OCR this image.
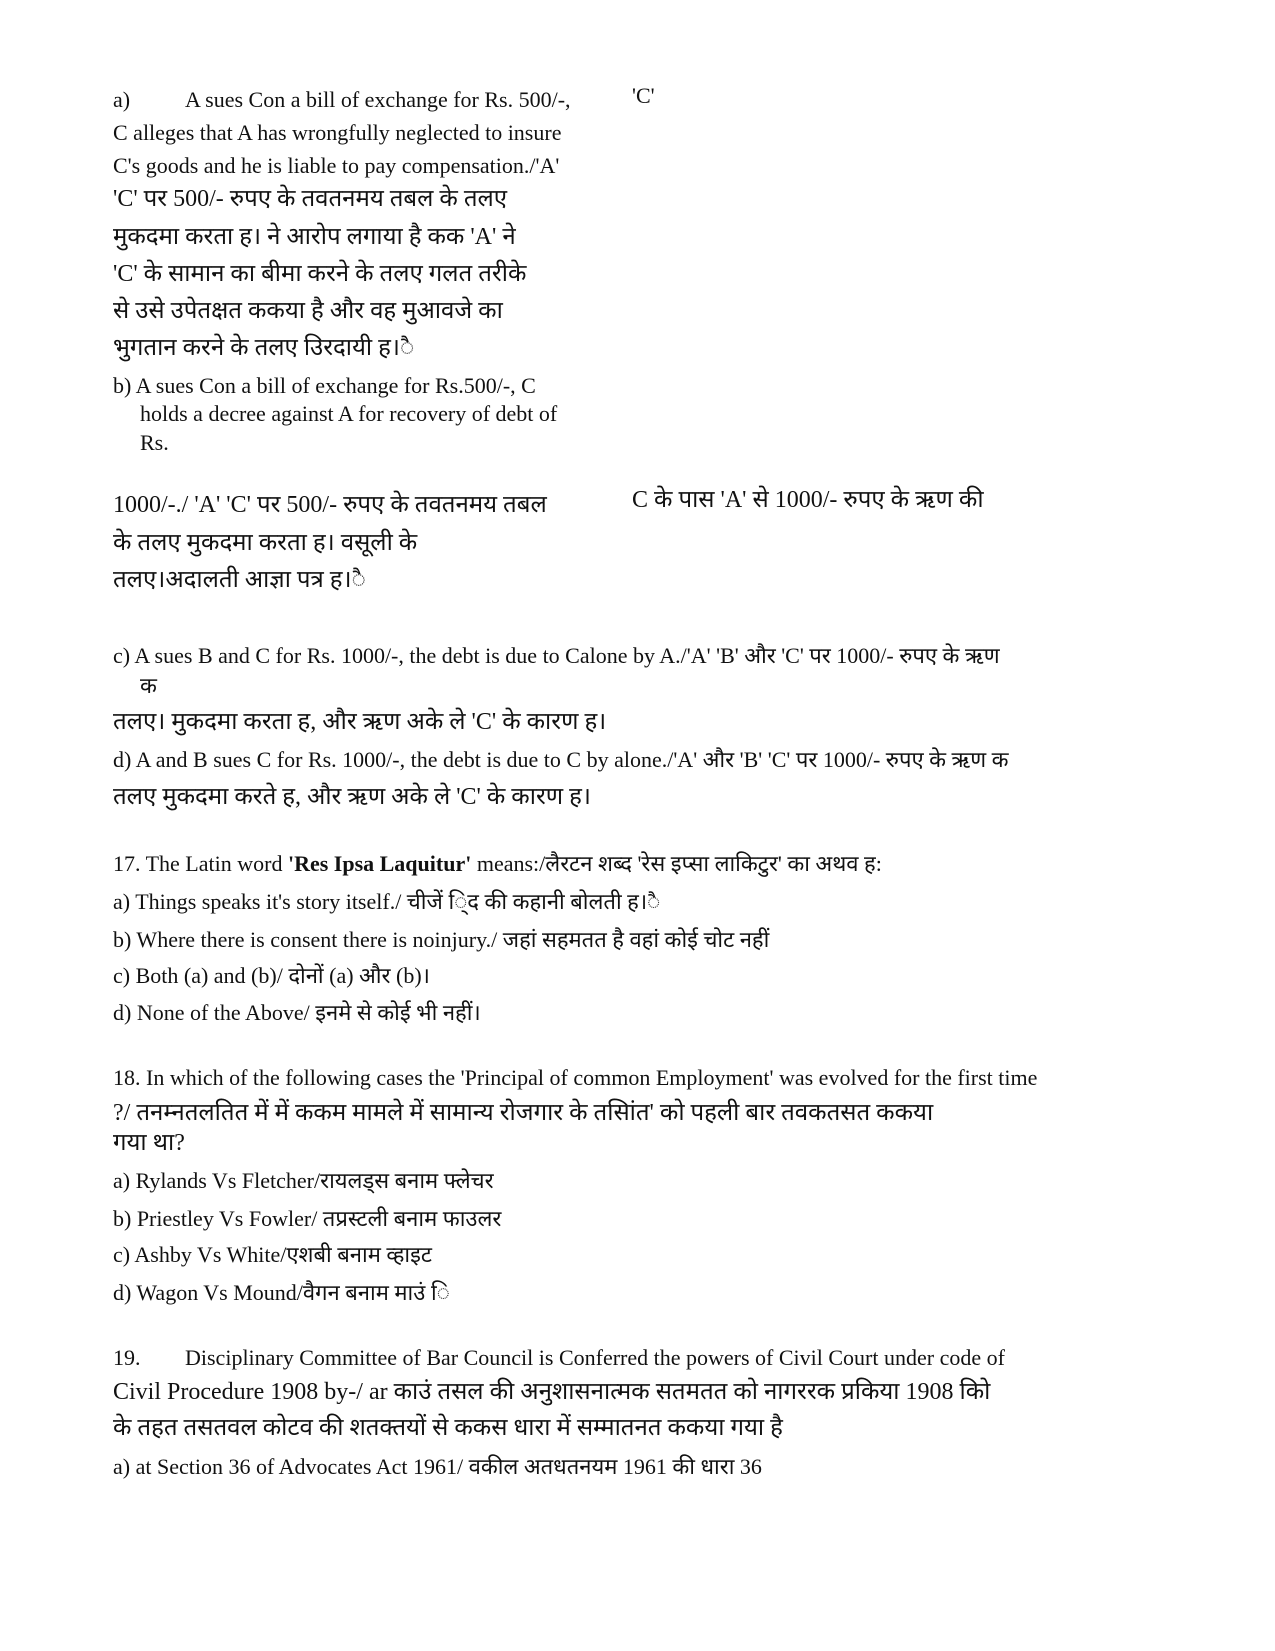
a) A sues Con a bill of exchange for Rs. 500/-,	'C'
C alleges that A has wrongfully neglected to insure
C's goods and he is liable to pay compensation./'A'
'C' पर 500/- रुपए के तवतनमय तबल के तलए
मुकदमा करता ह। ने आरोप लगाया है कक 'A' ने
'C' के सामान का बीमा करने के तलए गलत तरीके
से उसे उपेतक्षत ककया है और वह मुआवजे का
भुगतान करने के तलए उिरदायी ह।ै
b) A sues Con a bill of exchange for Rs.500/-, C
holds a decree against A for recovery of debt of
Rs.
1000/-./ 'A' 'C' पर 500/- रुपए के तवतनमय तबल	C के पास 'A' से 1000/- रुपए के ऋण की
के तलए मुकदमा करता ह। वसूली के
तलए।अदालती आज्ञा पत्र ह।ै
c) A sues B and C for Rs. 1000/-, the debt is due to Calone by A./'A' 'B' और 'C' पर 1000/- रुपए के ऋण
क
तलए। मुकदमा करता ह, और ऋण अके ले 'C' के कारण ह।
d) A and B sues C for Rs. 1000/-, the debt is due to C by alone./'A' और 'B' 'C' पर 1000/- रुपए के ऋण क
तलए मुकदमा करते ह, और ऋण अके ले 'C' के कारण ह।
17. The Latin word 'Res Ipsa Laquitur' means:/लैरटन शब्द 'रेस इप्सा लाकिटुर' का अथव ह:
a) Things speaks it's story itself./ चीजें ि्द की कहानी बोलती ह।ै
b) Where there is consent there is noinjury./ जहां सहमतत है वहां कोई चोट नहीं
c) Both (a) and (b)/ दोनों (a) और (b)।
d) None of the Above/ इनमे से कोई भी नहीं।
18. In which of the following cases the 'Principal of common Employment' was evolved for the first time
?/ तनम्नतलतित में में ककम मामले में सामान्य रोजगार के तसिांत' को पहली बार तवकतसत ककया
गया था?
a) Rylands Vs Fletcher/रायलड्स बनाम फ्लेचर
b) Priestley Vs Fowler/ तप्रस्टली बनाम फाउलर
c) Ashby Vs White/एशबी बनाम व्हाइट
d) Wagon Vs Mound/वैगन बनाम माउं ि
19. Disciplinary Committee of Bar Council is Conferred the powers of Civil Court under code of
Civil Procedure 1908 by-/ ar काउं तसल की अनुशासनात्मक सतमतत को नागररक प्रकिया 1908 किो
के तहत तसतवल कोटव की शतक्तयों से ककस धारा में सम्मातनत ककया गया है
a) at Section 36 of Advocates Act 1961/ वकील अतधतनयम 1961 की धारा 36
